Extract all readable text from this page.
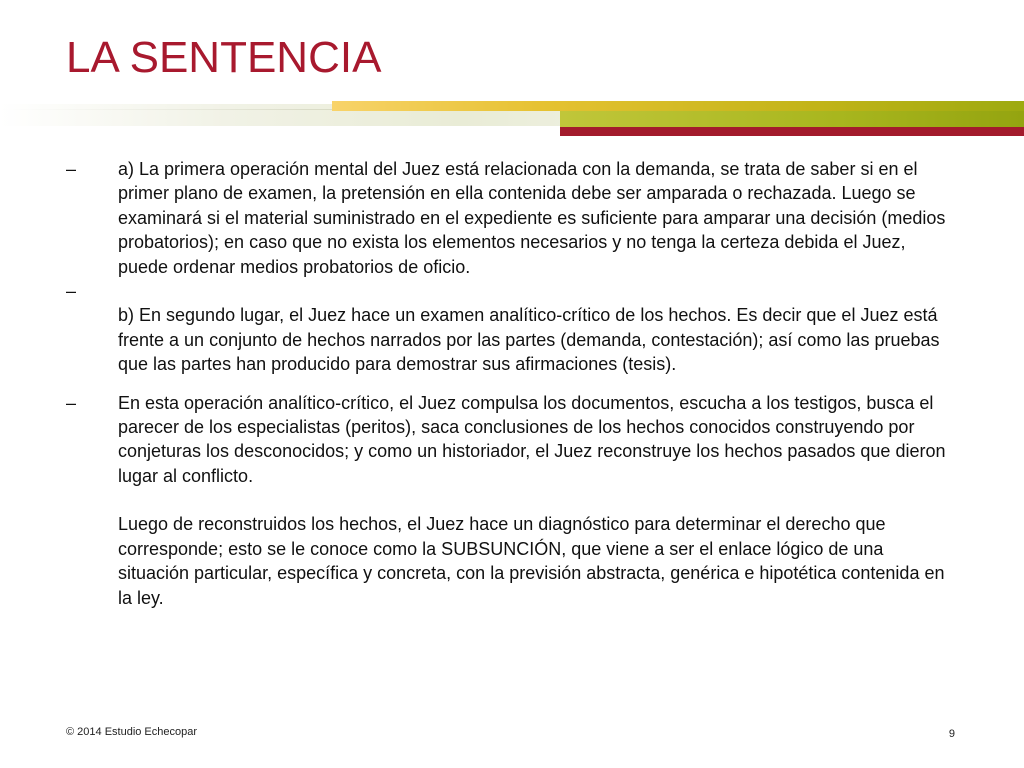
LA SENTENCIA
–	a) La primera operación mental del Juez está relacionada con la demanda, se trata de saber si en el primer plano de examen, la pretensión en ella contenida debe ser amparada o rechazada. Luego se examinará si el material suministrado en el expediente es suficiente para amparar una decisión (medios probatorios); en caso que no exista los elementos necesarios y no tenga la certeza debida el Juez, puede ordenar medios probatorios de oficio.
–

b) En segundo lugar, el Juez hace un examen analítico-crítico de los hechos. Es decir que el Juez está frente a un conjunto de hechos narrados por las partes (demanda, contestación); así como las pruebas que las partes han producido para demostrar sus afirmaciones (tesis).
–	En esta operación analítico-crítico, el Juez compulsa los documentos, escucha a los testigos, busca el parecer de los especialistas (peritos), saca conclusiones de los hechos conocidos construyendo por conjeturas los desconocidos; y como un historiador, el Juez reconstruye los hechos pasados que dieron lugar al conflicto.
Luego de reconstruidos los hechos, el Juez hace un diagnóstico para determinar el derecho que corresponde; esto se le conoce como la SUBSUNCIÓN, que viene a ser el enlace lógico de una situación particular, específica y concreta, con la previsión abstracta, genérica e hipotética contenida en la ley.
© 2014 Estudio Echecopar	9
